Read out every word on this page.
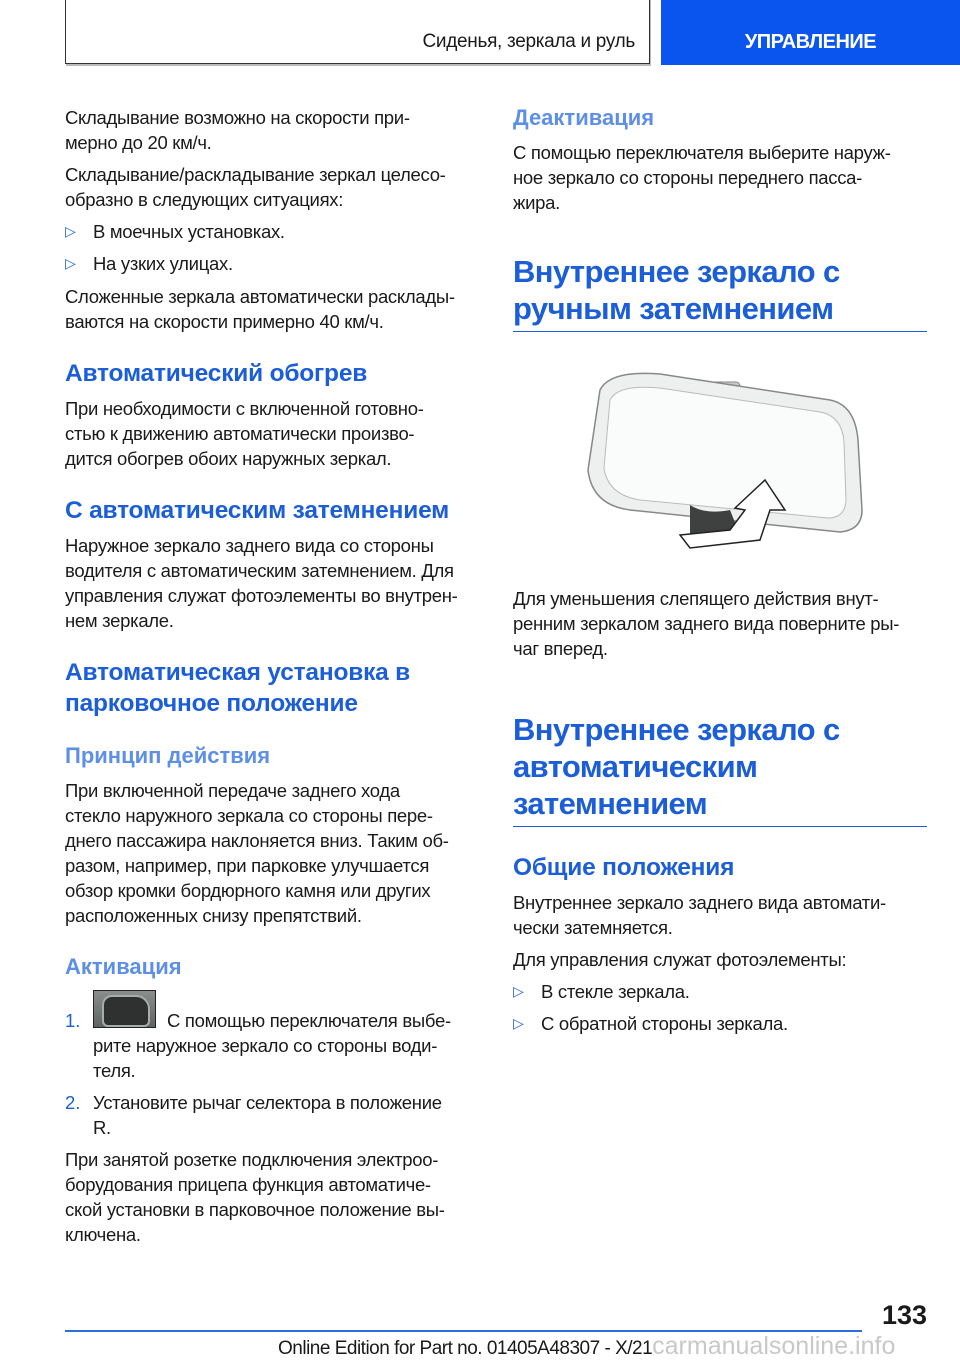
Сиденья, зеркала и руль	УПРАВЛЕНИЕ
Складывание возможно на скорости при-
мерно до 20 км/ч.
Складывание/раскладывание зеркал целесо-
образно в следующих ситуациях:
▷ В моечных установках.
▷ На узких улицах.
Сложенные зеркала автоматически расклады-
ваются на скорости примерно 40 км/ч.
Автоматический обогрев
При необходимости с включенной готовно-
стью к движению автоматически произво-
дится обогрев обоих наружных зеркал.
С автоматическим затемнением
Наружное зеркало заднего вида со стороны
водителя с автоматическим затемнением. Для
управления служат фотоэлементы во внутрен-
нем зеркале.
Автоматическая установка в
парковочное положение
Принцип действия
При включенной передаче заднего хода
стекло наружного зеркала со стороны пере-
днего пассажира наклоняется вниз. Таким об-
разом, например, при парковке улучшается
обзор кромки бордюрного камня или других
расположенных снизу препятствий.
Активация
1.	С помощью переключателя выбе-
рите наружное зеркало со стороны води-
теля.
2. Установите рычаг селектора в положение
R.
При занятой розетке подключения электроо-
борудования прицепа функция автоматиче-
ской установки в парковочное положение вы-
ключена.
Деактивация
С помощью переключателя выберите наруж-
ное зеркало со стороны переднего пасса-
жира.
Внутреннее зеркало с
ручным затемнением
Для уменьшения слепящего действия внут-
ренним зеркалом заднего вида поверните ры-
чаг вперед.
Внутреннее зеркало с
автоматическим
затемнением
Общие положения
Внутреннее зеркало заднего вида автомати-
чески затемняется.
Для управления служат фотоэлементы:
▷ В стекле зеркала.
▷ С обратной стороны зеркала.
133
Online Edition for Part no. 01405A48307 - X/21carmanualsonline.info
